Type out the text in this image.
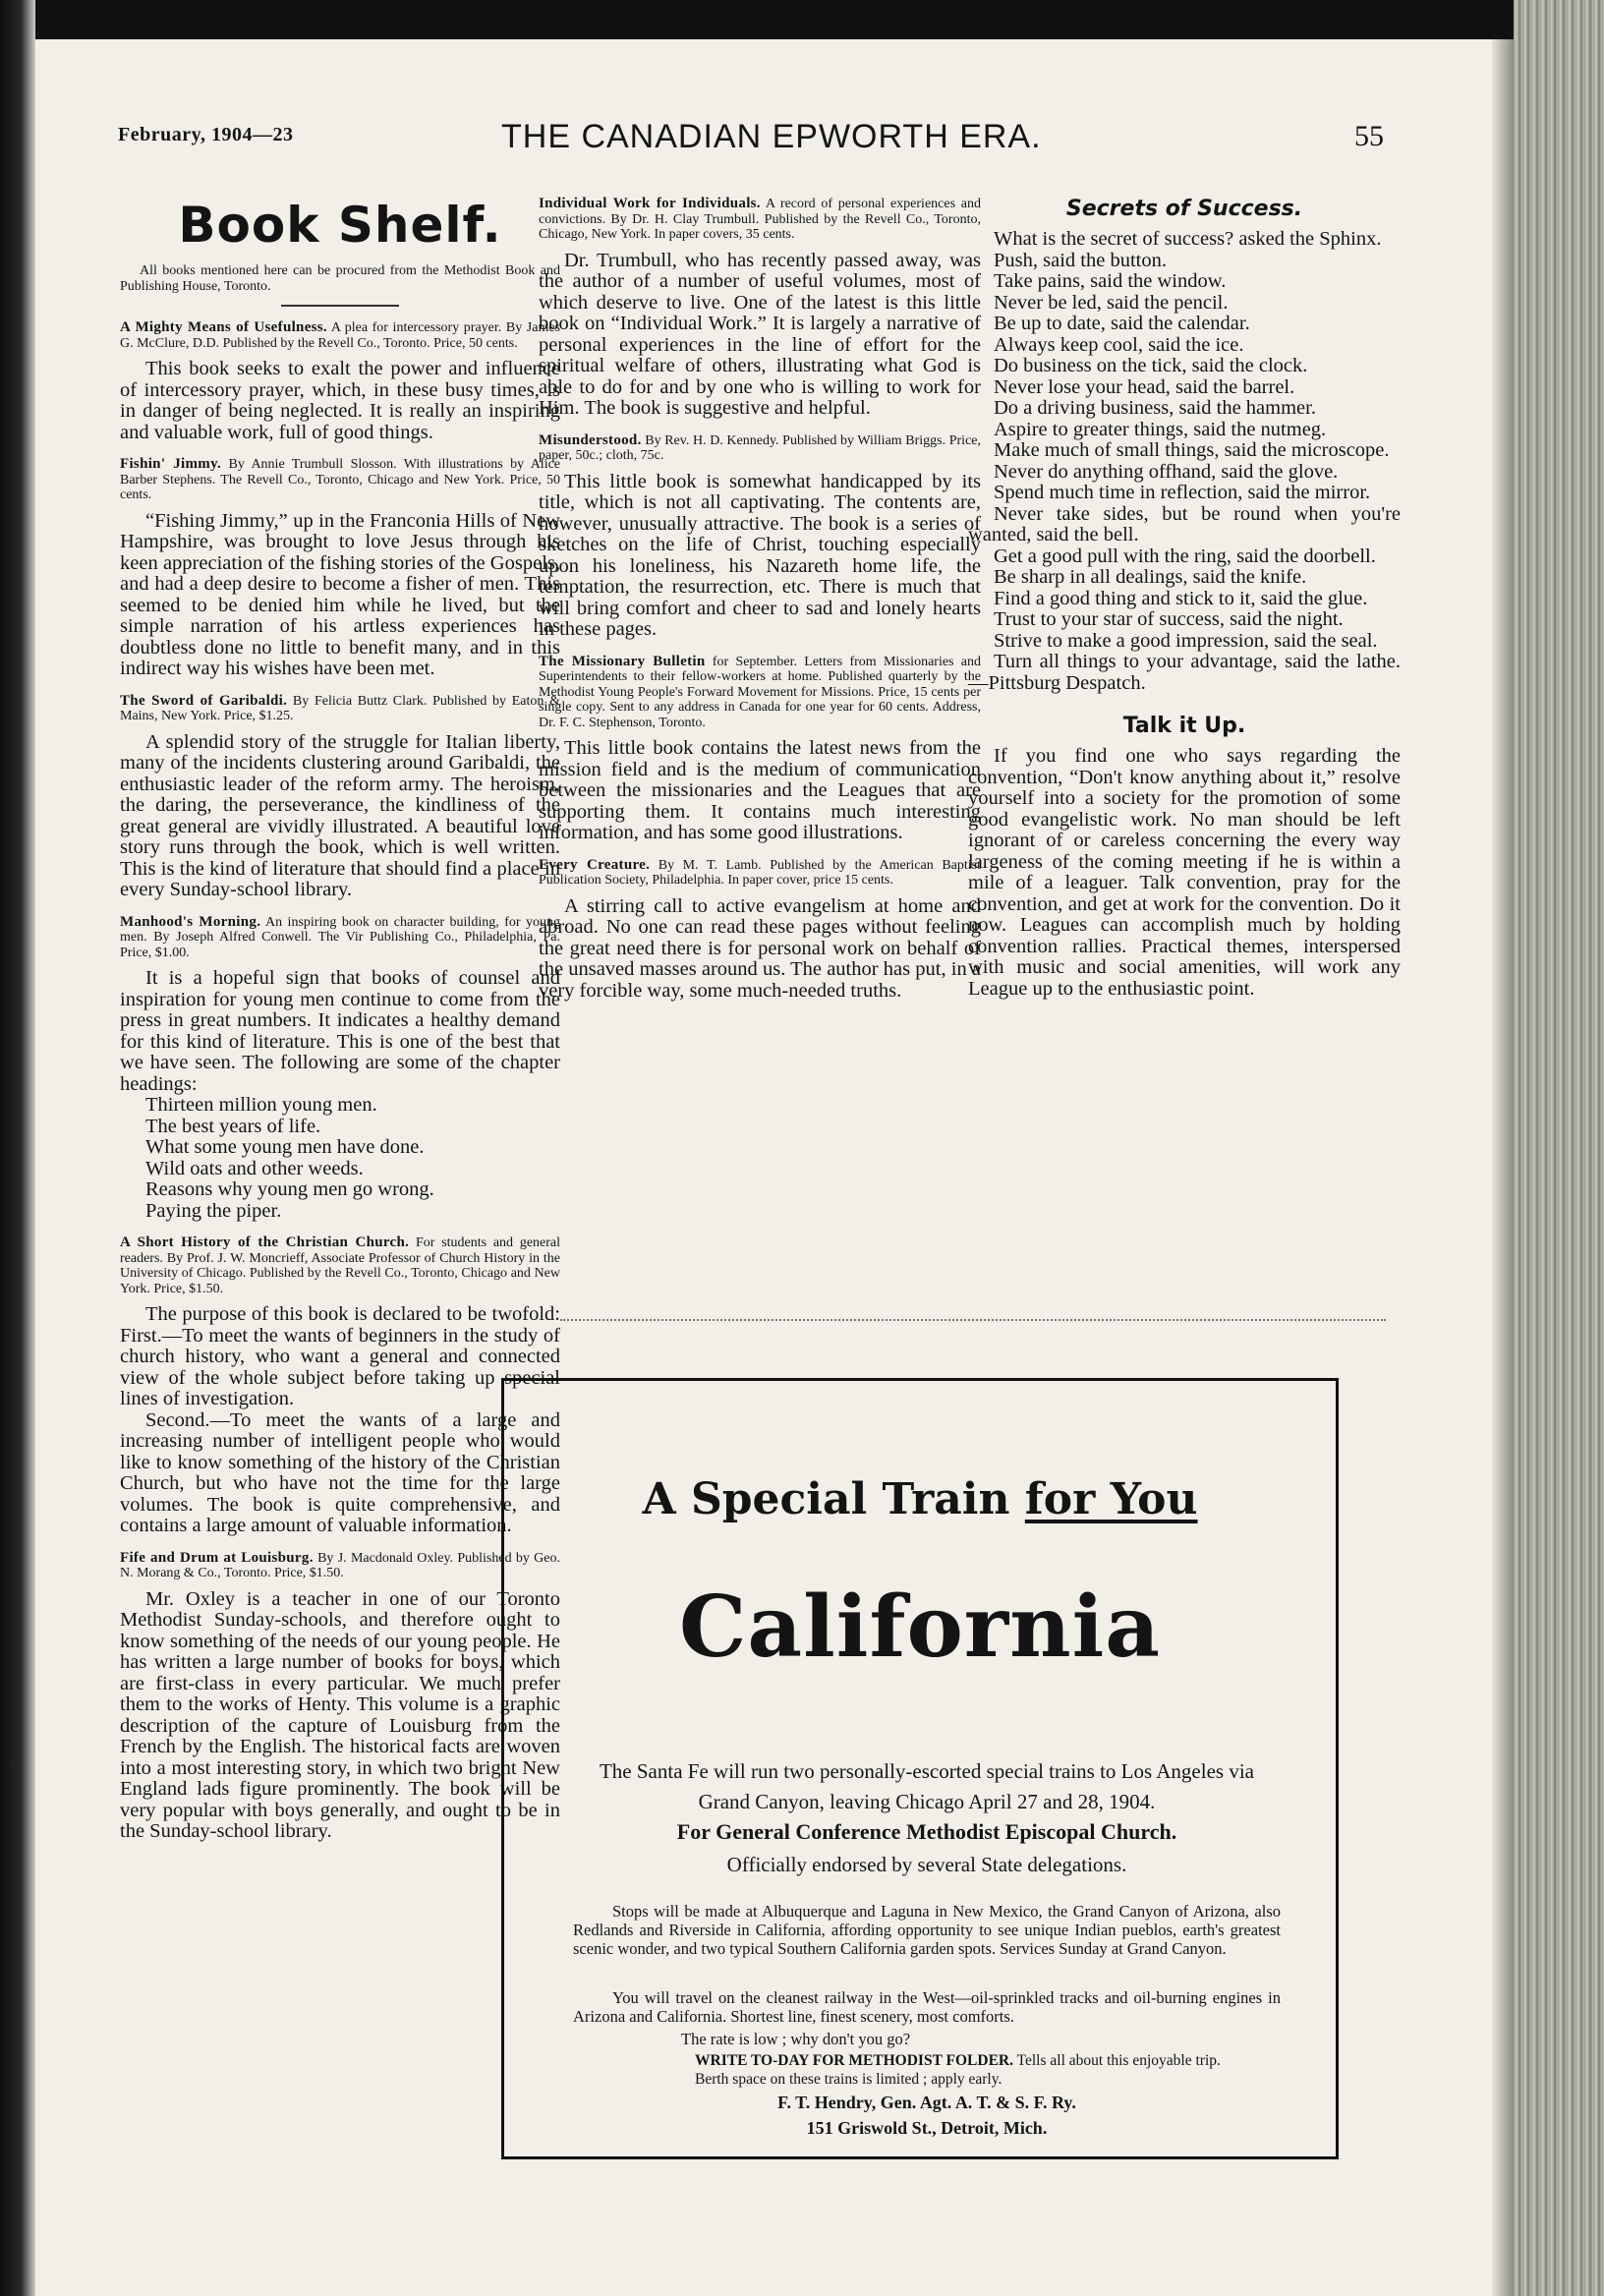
s
e
s
r
g
February, 1904—23	THE CANADIAN EPWORTH ERA.	55
Book Shelf.

All books mentioned here can be procured from the Methodist Book and Publishing House, Toronto.

A Mighty Means of Usefulness. A plea for intercessory prayer. By James G. McClure, D.D. Published by the Revell Co., Toronto. Price, 50 cents.

This book seeks to exalt the power and influence of intercessory prayer, which, in these busy times, is in danger of being neglected. It is really an inspiring and valuable work, full of good things.

Fishin' Jimmy. By Annie Trumbull Slosson. With illustrations by Alice Barber Stephens. The Revell Co., Toronto, Chicago and New York. Price, 50 cents.

“Fishing Jimmy,” up in the Franconia Hills of New Hampshire, was brought to love Jesus through his keen appreciation of the fishing stories of the Gospels, and had a deep desire to become a fisher of men. This seemed to be denied him while he lived, but the simple narration of his artless experiences has doubtless done no little to benefit many, and in this indirect way his wishes have been met.

The Sword of Garibaldi. By Felicia Buttz Clark. Published by Eaton & Mains, New York. Price, $1.25.

A splendid story of the struggle for Italian liberty, many of the incidents clustering around Garibaldi, the enthusiastic leader of the reform army. The heroism, the daring, the perseverance, the kindliness of the great general are vividly illustrated. A beautiful love story runs through the book, which is well written. This is the kind of literature that should find a place in every Sunday-school library.

Manhood's Morning. An inspiring book on character building, for young men. By Joseph Alfred Conwell. The Vir Publishing Co., Philadelphia, Pa. Price, $1.00.

It is a hopeful sign that books of counsel and inspiration for young men continue to come from the press in great numbers. It indicates a healthy demand for this kind of literature. This is one of the best that we have seen. The following are some of the chapter headings:

Thirteen million young men.

The best years of life.

What some young men have done.

Wild oats and other weeds.

Reasons why young men go wrong.

Paying the piper.

A Short History of the Christian Church. For students and general readers. By Prof. J. W. Moncrieff, Associate Professor of Church History in the University of Chicago. Published by the Revell Co., Toronto, Chicago and New York. Price, $1.50.

The purpose of this book is declared to be twofold: First.—To meet the wants of beginners in the study of church history, who want a general and connected view of the whole subject before taking up special lines of investigation.

Second.—To meet the wants of a large and increasing number of intelligent people who would like to know something of the history of the Christian Church, but who have not the time for the large volumes. The book is quite comprehensive, and contains a large amount of valuable information.

Fife and Drum at Louisburg. By J. Macdonald Oxley. Published by Geo. N. Morang & Co., Toronto. Price, $1.50.

Mr. Oxley is a teacher in one of our Toronto Methodist Sunday-schools, and therefore ought to know something of the needs of our young people. He has written a large number of books for boys, which are first-class in every particular. We much prefer them to the works of Henty. This volume is a graphic description of the capture of Louisburg from the French by the English. The historical facts are woven into a most interesting story, in which two bright New England lads figure prominently. The book will be very popular with boys generally, and ought to be in the Sunday-school library.

Individual Work for Individuals. A record of personal experiences and convictions. By Dr. H. Clay Trumbull. Published by the Revell Co., Toronto, Chicago, New York. In paper covers, 35 cents.

Dr. Trumbull, who has recently passed away, was the author of a number of useful volumes, most of which deserve to live. One of the latest is this little book on “Individual Work.” It is largely a narrative of personal experiences in the line of effort for the spiritual welfare of others, illustrating what God is able to do for and by one who is willing to work for Him. The book is suggestive and helpful.

Misunderstood. By Rev. H. D. Kennedy. Published by William Briggs. Price, paper, 50c.; cloth, 75c.

This little book is somewhat handicapped by its title, which is not all captivating. The contents are, however, unusually attractive. The book is a series of sketches on the life of Christ, touching especially upon his loneliness, his Nazareth home life, the temptation, the resurrection, etc. There is much that will bring comfort and cheer to sad and lonely hearts in these pages.

The Missionary Bulletin for September. Letters from Missionaries and Superintendents to their fellow-workers at home. Published quarterly by the Methodist Young People's Forward Movement for Missions. Price, 15 cents per single copy. Sent to any address in Canada for one year for 60 cents. Address, Dr. F. C. Stephenson, Toronto.

This little book contains the latest news from the mission field and is the medium of communication between the missionaries and the Leagues that are supporting them. It contains much interesting information, and has some good illustrations.

Every Creature. By M. T. Lamb. Published by the American Baptist Publication Society, Philadelphia. In paper cover, price 15 cents.

A stirring call to active evangelism at home and abroad. No one can read these pages without feeling the great need there is for personal work on behalf of the unsaved masses around us. The author has put, in a very forcible way, some much-needed truths.

Secrets of Success.

What is the secret of success? asked the Sphinx.

Push, said the button.

Take pains, said the window.

Never be led, said the pencil.

Be up to date, said the calendar.

Always keep cool, said the ice.

Do business on the tick, said the clock.

Never lose your head, said the barrel.

Do a driving business, said the hammer.

Aspire to greater things, said the nutmeg.

Make much of small things, said the microscope.

Never do anything offhand, said the glove.

Spend much time in reflection, said the mirror.

Never take sides, but be round when you're wanted, said the bell.

Get a good pull with the ring, said the doorbell.

Be sharp in all dealings, said the knife.

Find a good thing and stick to it, said the glue.

Trust to your star of success, said the night.

Strive to make a good impression, said the seal.

Turn all things to your advantage, said the lathe.—Pittsburg Despatch.

Talk it Up.

If you find one who says regarding the convention, “Don't know anything about it,” resolve yourself into a society for the promotion of some good evangelistic work. No man should be left ignorant of or careless concerning the every way largeness of the coming meeting if he is within a mile of a leaguer. Talk convention, pray for the convention, and get at work for the convention. Do it now. Leagues can accomplish much by holding convention rallies. Practical themes, interspersed with music and social amenities, will work any League up to the enthusiastic point.

A Special Train for You
California
The Santa Fe will run two personally-escorted special trains to Los Angeles via Grand Canyon, leaving Chicago April 27 and 28, 1904.
For General Conference Methodist Episcopal Church.
Officially endorsed by several State delegations.
Stops will be made at Albuquerque and Laguna in New Mexico, the Grand Canyon of Arizona, also Redlands and Riverside in California, affording opportunity to see unique Indian pueblos, earth's greatest scenic wonder, and two typical Southern California garden spots. Services Sunday at Grand Canyon.
You will travel on the cleanest railway in the West—oil-sprinkled tracks and oil-burning engines in Arizona and California. Shortest line, finest scenery, most comforts.
The rate is low ; why don't you go?
WRITE TO-DAY FOR METHODIST FOLDER. Tells all about this enjoyable trip.
Berth space on these trains is limited ; apply early.
F. T. Hendry, Gen. Agt. A. T. & S. F. Ry.
151 Griswold St., Detroit, Mich.
